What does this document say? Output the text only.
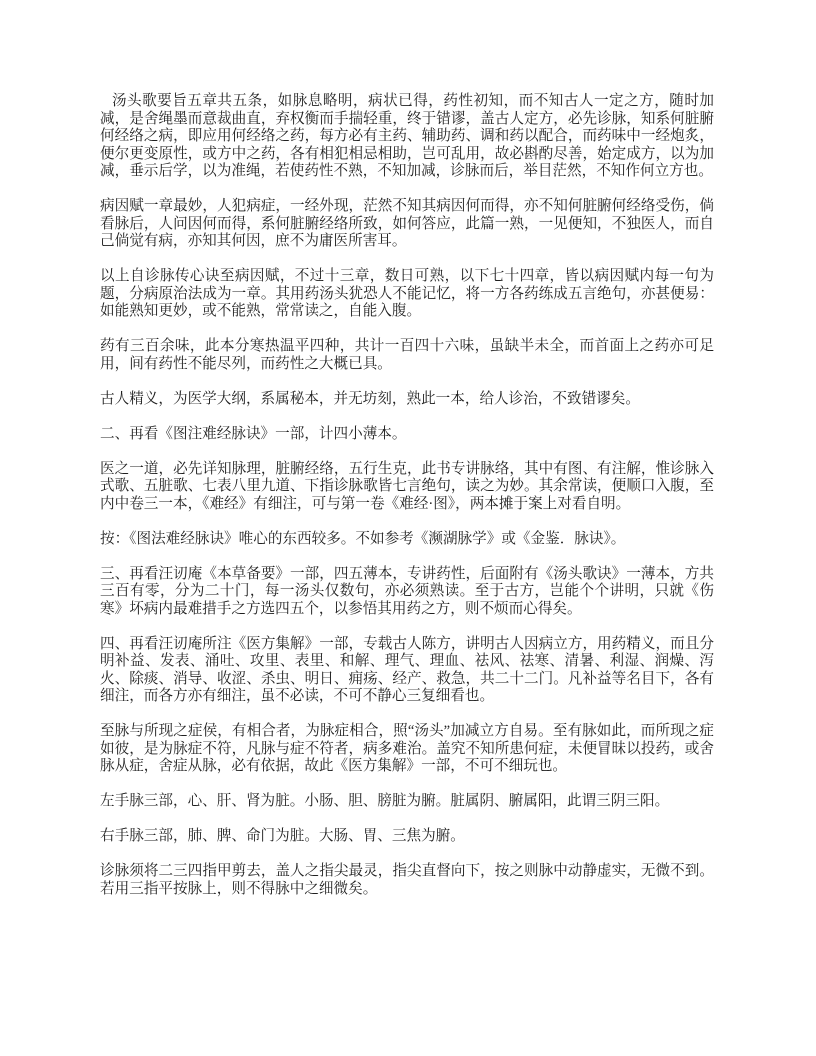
汤头歌要旨五章共五条，如脉息略明，病状已得，药性初知，而不知古人一定之方，随时加减，是舍绳墨而意裁曲直，弃权衡而手揣轻重，终于错谬，盖古人定方，必先诊脉，知系何脏腑何经络之病，即应用何经络之药，每方必有主药、辅助药、调和药以配合，而药味中一经炮炙，便尔更变原性，或方中之药，各有相犯相忌相助，岂可乱用，故必斟酌尽善，始定成方，以为加减，垂示后学，以为准绳，若使药性不熟，不知加减，诊脉而后，举目茫然，不知作何立方也。

病因赋一章最妙，人犯病症，一经外现，茫然不知其病因何而得，亦不知何脏腑何经络受伤，倘看脉后，人问因何而得，系何脏腑经络所致，如何答应，此篇一熟，一见便知，不独医人，而自己倘觉有病，亦知其何因，庶不为庸医所害耳。

以上自诊脉传心诀至病因赋，不过十三章，数日可熟，以下七十四章，皆以病因赋内每一句为题，分病原治法成为一章。其用药汤头犹恐人不能记忆，将一方各药练成五言绝句，亦甚便易：如能熟知更妙，或不能熟，常常读之，自能入腹。

药有三百余味，此本分寒热温平四种，共计一百四十六味，虽缺半未全，而首面上之药亦可足用，间有药性不能尽列，而药性之大概已具。

古人精义，为医学大纲，系属秘本，并无坊刻，熟此一本，给人诊治，不致错谬矣。

二、再看《图注难经脉诀》一部，计四小薄本。

医之一道，必先详知脉理，脏腑经络，五行生克，此书专讲脉络，其中有图、有注解，惟诊脉入式歌、五脏歌、七表八里九道、下指诊脉歌皆七言绝句，读之为妙。其余常读，便顺口入腹，至内中卷三一本，《难经》有细注，可与第一卷《难经·图》，两本摊于案上对看自明。

按：《图法难经脉诀》唯心的东西较多。不如参考《濒湖脉学》或《金鉴．脉诀》。

三、再看汪讱庵《本草备要》一部，四五薄本，专讲药性，后面附有《汤头歌诀》一薄本，方共三百有零，分为二十门，每一汤头仅数句，亦必须熟读。至于古方，岂能个个讲明，只就《伤寒》坏病内最难措手之方选四五个，以参悟其用药之方，则不烦而心得矣。

四、再看汪讱庵所注《医方集解》一部，专载古人陈方，讲明古人因病立方，用药精义，而且分明补益、发表、涌吐、攻里、表里、和解、理气、理血、祛风、祛寒、清暑、利湿、润燥、泻火、除痰、消导、收涩、杀虫、明日、痈疡、经产、救急，共二十二门。凡补益等名目下，各有细注，而各方亦有细注，虽不必读，不可不静心三复细看也。

至脉与所现之症侯，有相合者，为脉症相合，照“汤头”加减立方自易。至有脉如此，而所现之症如彼，是为脉症不符，凡脉与症不符者，病多难治。盖究不知所患何症，未便冒昧以投药，或舍脉从症，舍症从脉，必有依据，故此《医方集解》一部，不可不细玩也。

左手脉三部，心、肝、肾为脏。小肠、胆、膀脏为腑。脏属阴、腑属阳，此谓三阴三阳。

右手脉三部，肺、脾、命门为脏。大肠、胃、三焦为腑。

诊脉须将二三四指甲剪去，盖人之指尖最灵，指尖直督向下，按之则脉中动静虚实，无微不到。若用三指平按脉上，则不得脉中之细微矣。
